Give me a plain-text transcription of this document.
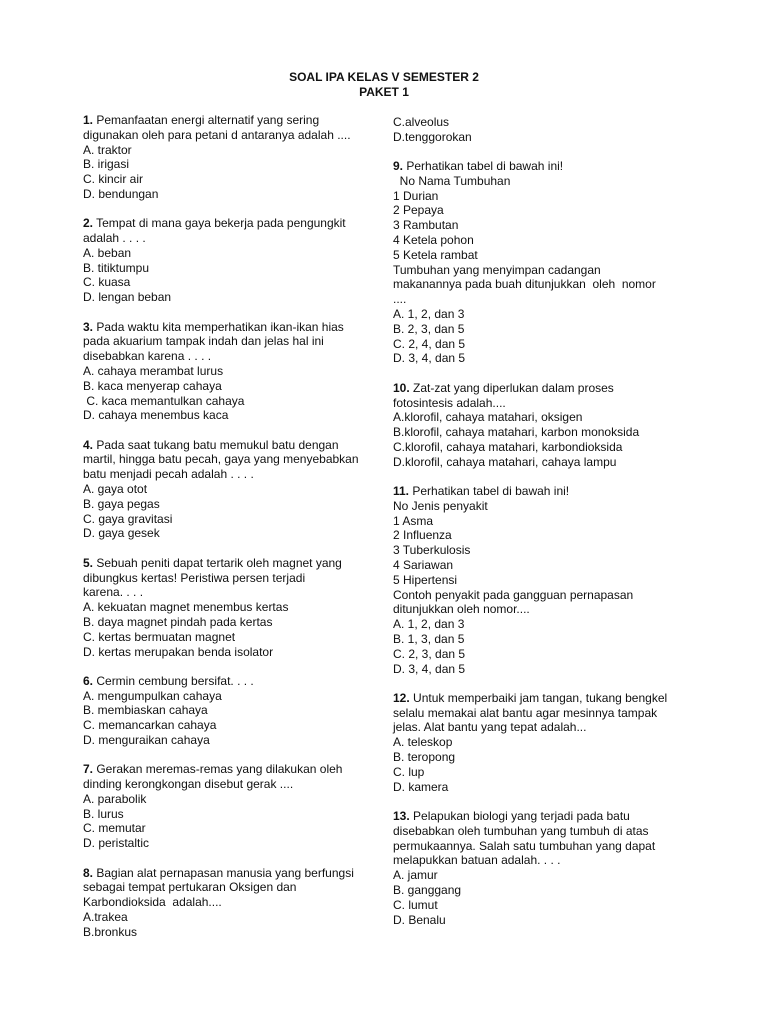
SOAL IPA KELAS V SEMESTER 2
PAKET 1
1. Pemanfaatan energi alternatif yang sering
digunakan oleh para petani d antaranya adalah ....
A. traktor
B. irigasi
C. kincir air
D. bendungan
2. Tempat di mana gaya bekerja pada pengungkit
adalah . . . .
A. beban
B. titiktumpu
C. kuasa
D. lengan beban
3. Pada waktu kita memperhatikan ikan-ikan hias
pada akuarium tampak indah dan jelas hal ini
disebabkan karena . . . .
A. cahaya merambat lurus
B. kaca menyerap cahaya
C. kaca memantulkan cahaya
D. cahaya menembus kaca
4. Pada saat tukang batu memukul batu dengan
martil, hingga batu pecah, gaya yang menyebabkan
batu menjadi pecah adalah . . . .
A. gaya otot
B. gaya pegas
C. gaya gravitasi
D. gaya gesek
5. Sebuah peniti dapat tertarik oleh magnet yang
dibungkus kertas! Peristiwa persen terjadi
karena. . . .
A. kekuatan magnet menembus kertas
B. daya magnet pindah pada kertas
C. kertas bermuatan magnet
D. kertas merupakan benda isolator
6. Cermin cembung bersifat. . . .
A. mengumpulkan cahaya
B. membiaskan cahaya
C. memancarkan cahaya
D. menguraikan cahaya
7. Gerakan meremas-remas yang dilakukan oleh
dinding kerongkongan disebut gerak ....
A. parabolik
B. lurus
C. memutar
D. peristaltic
8. Bagian alat pernapasan manusia yang berfungsi
sebagai tempat pertukaran Oksigen dan
Karbondioksida  adalah....
A.trakea
B.bronkus
C.alveolus
D.tenggorokan
9. Perhatikan tabel di bawah ini!
No Nama Tumbuhan
1 Durian
2 Pepaya
3 Rambutan
4 Ketela pohon
5 Ketela rambat
Tumbuhan yang menyimpan cadangan
makanannya pada buah ditunjukkan  oleh  nomor
....
A. 1, 2, dan 3
B. 2, 3, dan 5
C. 2, 4, dan 5
D. 3, 4, dan 5
10. Zat-zat yang diperlukan dalam proses
fotosintesis adalah....
A.klorofil, cahaya matahari, oksigen
B.klorofil, cahaya matahari, karbon monoksida
C.klorofil, cahaya matahari, karbondioksida
D.klorofil, cahaya matahari, cahaya lampu
11. Perhatikan tabel di bawah ini!
No Jenis penyakit
1 Asma
2 Influenza
3 Tuberkulosis
4 Sariawan
5 Hipertensi
Contoh penyakit pada gangguan pernapasan
ditunjukkan oleh nomor....
A. 1, 2, dan 3
B. 1, 3, dan 5
C. 2, 3, dan 5
D. 3, 4, dan 5
12. Untuk memperbaiki jam tangan, tukang bengkel
selalu memakai alat bantu agar mesinnya tampak
jelas. Alat bantu yang tepat adalah...
A. teleskop
B. teropong
C. lup
D. kamera
13. Pelapukan biologi yang terjadi pada batu
disebabkan oleh tumbuhan yang tumbuh di atas
permukaannya. Salah satu tumbuhan yang dapat
melapukkan batuan adalah. . . .
A. jamur
B. ganggang
C. lumut
D. Benalu
